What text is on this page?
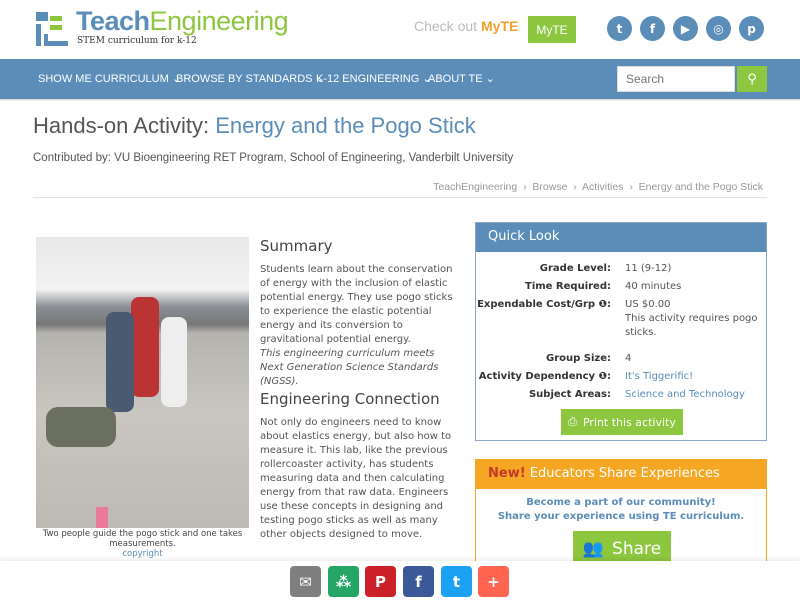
TeachEngineering
STEM curriculum for k-12
Check out MyTE	MyTE	t	f	▶	◎	p
SHOW ME CURRICULUM ⌄
BROWSE BY STANDARDS ⌄
K-12 ENGINEERING ⌄
ABOUT TE ⌄
Search	⚲
Hands-on Activity: Energy and the Pogo Stick
Contributed by: VU Bioengineering RET Program, School of Engineering, Vanderbilt University
TeachEngineering › Browse › Activities › Energy and the Pogo Stick
Two people guide the pogo stick and one takes measurements.
copyright
Summary
Students learn about the conservation of energy with the inclusion of elastic potential energy. They use pogo sticks to experience the elastic potential energy and its conversion to gravitational potential energy.
This engineering curriculum meets Next Generation Science Standards (NGSS).
Engineering Connection
Not only do engineers need to know about elastics energy, but also how to measure it. This lab, like the previous rollercoaster activity, has students measuring data and then calculating energy from that raw data. Engineers use these concepts in designing and testing pogo sticks as well as many other objects designed to move.
Quick Look
Grade Level: 11 (9-12)
Time Required: 40 minutes
Expendable Cost/Grp ❶: US $0.00
This activity requires pogo sticks.
Group Size: 4
Activity Dependency ❶: It's Tiggerific!
Subject Areas: Science and Technology
⎙ Print this activity
New! Educators Share Experiences
Become a part of our community!
Share your experience using TE curriculum.
👥 Share
✉ ⁂ P f t +
